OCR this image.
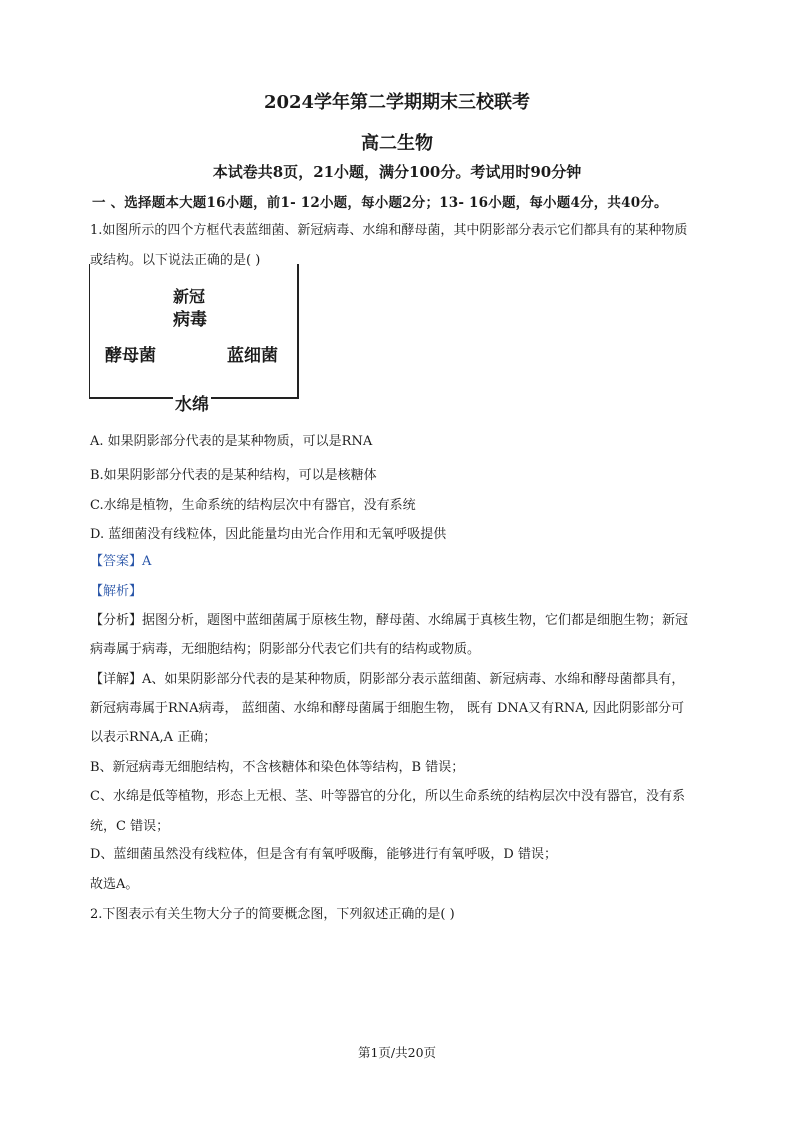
2024学年第二学期期末三校联考
高二生物
本试卷共8页，21小题，满分100分。考试用时90分钟
一 、选择题本大题16小题，前1- 12小题，每小题2分；13- 16小题，每小题4分，共40分。
1.如图所示的四个方框代表蓝细菌、新冠病毒、水绵和酵母菌，其中阴影部分表示它们都具有的某种物质
或结构。以下说法正确的是( )
新冠
病毒
酵母菌	蓝细菌
水绵
A. 如果阴影部分代表的是某种物质，可以是RNA
B.如果阴影部分代表的是某种结构，可以是核糖体
C.水绵是植物，生命系统的结构层次中有器官，没有系统
D. 蓝细菌没有线粒体，因此能量均由光合作用和无氧呼吸提供
【答案】A
【解析】
【分析】据图分析，题图中蓝细菌属于原核生物，酵母菌、水绵属于真核生物，它们都是细胞生物；新冠
病毒属于病毒，无细胞结构；阴影部分代表它们共有的结构或物质。
【详解】A、如果阴影部分代表的是某种物质，阴影部分表示蓝细菌、新冠病毒、水绵和酵母菌都具有，
新冠病毒属于RNA病毒， 蓝细菌、水绵和酵母菌属于细胞生物， 既有 DNA又有RNA, 因此阴影部分可
以表示RNA,A 正确；
B、新冠病毒无细胞结构，不含核糖体和染色体等结构，B 错误；
C、水绵是低等植物，形态上无根、茎、叶等器官的分化，所以生命系统的结构层次中没有器官，没有系
统，C 错误；
D、蓝细菌虽然没有线粒体，但是含有有氧呼吸酶，能够进行有氧呼吸，D 错误；
故选A。
2.下图表示有关生物大分子的简要概念图，下列叙述正确的是( )
第1页/共20页
